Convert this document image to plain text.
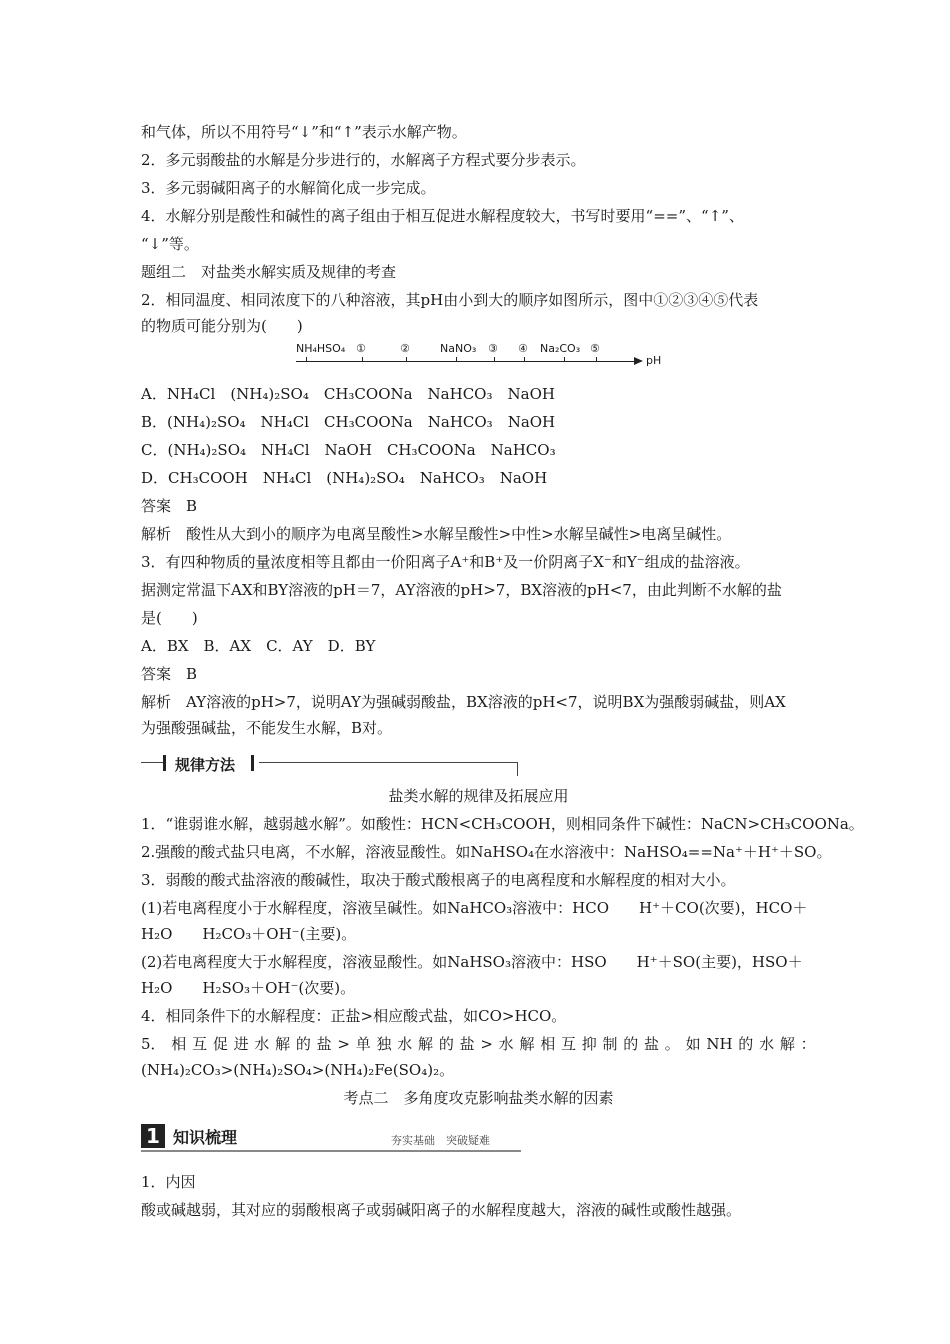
和气体，所以不用符号“↓”和“↑”表示水解产物。
2．多元弱酸盐的水解是分步进行的，水解离子方程式要分步表示。
3．多元弱碱阳离子的水解简化成一步完成。
4．水解分别是酸性和碱性的离子组由于相互促进水解程度较大，书写时要用“==”、“↑”、
“↓”等。
题组二　对盐类水解实质及规律的考查
2．相同温度、相同浓度下的八种溶液，其pH由小到大的顺序如图所示，图中①②③④⑤代表
的物质可能分别为(　　)
A．NH₄Cl　(NH₄)₂SO₄　CH₃COONa　NaHCO₃　NaOH
B．(NH₄)₂SO₄　NH₄Cl　CH₃COONa　NaHCO₃　NaOH
C．(NH₄)₂SO₄　NH₄Cl　NaOH　CH₃COONa　NaHCO₃
D．CH₃COOH　NH₄Cl　(NH₄)₂SO₄　NaHCO₃　NaOH
答案　B
解析　酸性从大到小的顺序为电离呈酸性>水解呈酸性>中性>水解呈碱性>电离呈碱性。
3．有四种物质的量浓度相等且都由一价阳离子A⁺和B⁺及一价阴离子X⁻和Y⁻组成的盐溶液。
据测定常温下AX和BY溶液的pH＝7，AY溶液的pH>7，BX溶液的pH<7，由此判断不水解的盐
是(　　)
A．BX　B．AX　C．AY　D．BY
答案　B
解析　AY溶液的pH>7，说明AY为强碱弱酸盐，BX溶液的pH<7，说明BX为强酸弱碱盐，则AX
为强酸强碱盐，不能发生水解，B对。
规律方法
盐类水解的规律及拓展应用
1．“谁弱谁水解，越弱越水解”。如酸性：HCN<CH₃COOH，则相同条件下碱性：NaCN>CH₃COONa。
2.强酸的酸式盐只电离，不水解，溶液显酸性。如NaHSO₄在水溶液中：NaHSO₄==Na⁺＋H⁺＋SO。
3．弱酸的酸式盐溶液的酸碱性，取决于酸式酸根离子的电离程度和水解程度的相对大小。
(1)若电离程度小于水解程度，溶液呈碱性。如NaHCO₃溶液中：HCO　　H⁺＋CO(次要)，HCO＋
H₂O　　H₂CO₃＋OH⁻(主要)。
(2)若电离程度大于水解程度，溶液显酸性。如NaHSO₃溶液中：HSO　　H⁺＋SO(主要)，HSO＋
H₂O　　H₂SO₃＋OH⁻(次要)。
4．相同条件下的水解程度：正盐>相应酸式盐，如CO>HCO。
5． 相 互 促 进 水 解 的 盐 > 单 独 水 解 的 盐 > 水 解 相 互 抑 制 的 盐 。 如 NH 的 水 解 ：
(NH₄)₂CO₃>(NH₄)₂SO₄>(NH₄)₂Fe(SO₄)₂。
考点二　多角度攻克影响盐类水解的因素
1 知识梳理	夯实基础　突破疑难
1．内因
酸或碱越弱，其对应的弱酸根离子或弱碱阳离子的水解程度越大，溶液的碱性或酸性越强。
NH₄HSO₄ ①	②	NaNO₃ ③ ④ Na₂CO₃ ⑤
pH
